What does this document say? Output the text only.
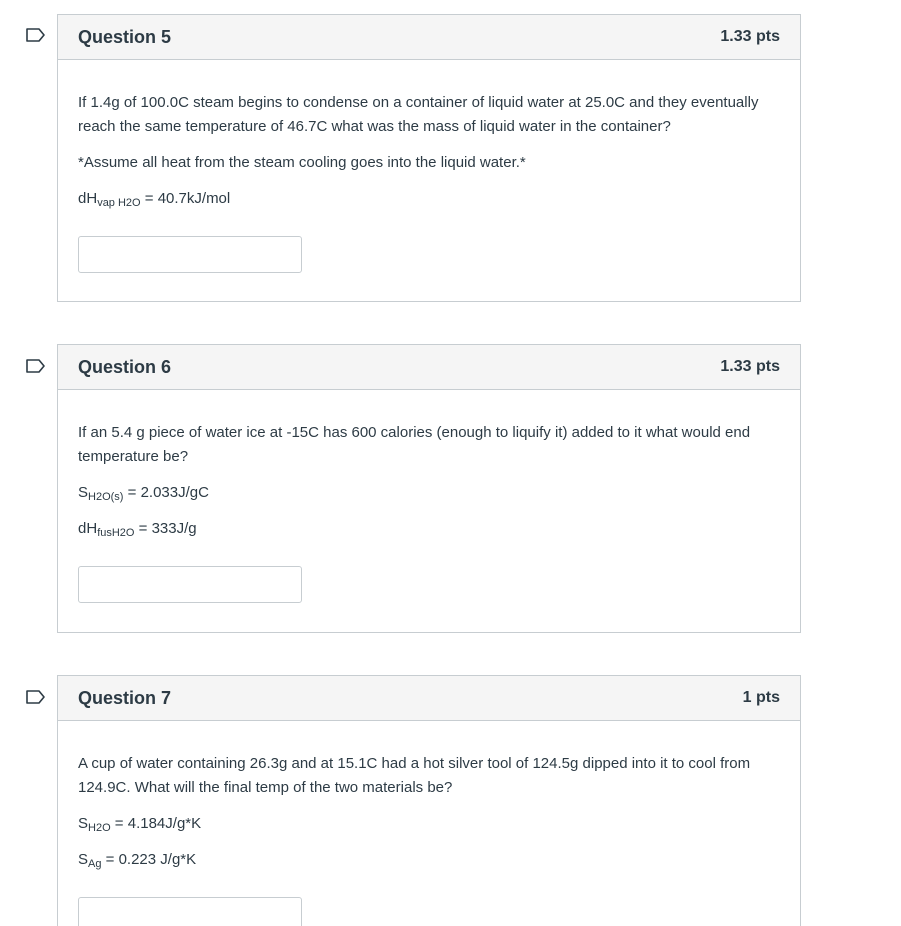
Question 5	1.33 pts

If 1.4g of 100.0C steam begins to condense on a container of liquid water at 25.0C and they eventually reach the same temperature of 46.7C what was the mass of liquid water in the container?

*Assume all heat from the steam cooling goes into the liquid water.*

$dH_{vap H2O} = 40.7kJ/mol$

Question 6	1.33 pts

If an 5.4 g piece of water ice at -15C has 600 calories (enough to liquify it) added to it what would end temperature be?

$S_{H2O(s)} = 2.033J/gC$

$dH_{fusH2O} = 333J/g$

Question 7	1 pts

A cup of water containing 26.3g and at 15.1C had a hot silver tool of 124.5g dipped into it to cool from 124.9C. What will the final temp of the two materials be?

$S_{H2O} = 4.184J/g*K$

$S_{Ag} = 0.223$ J/g*K
